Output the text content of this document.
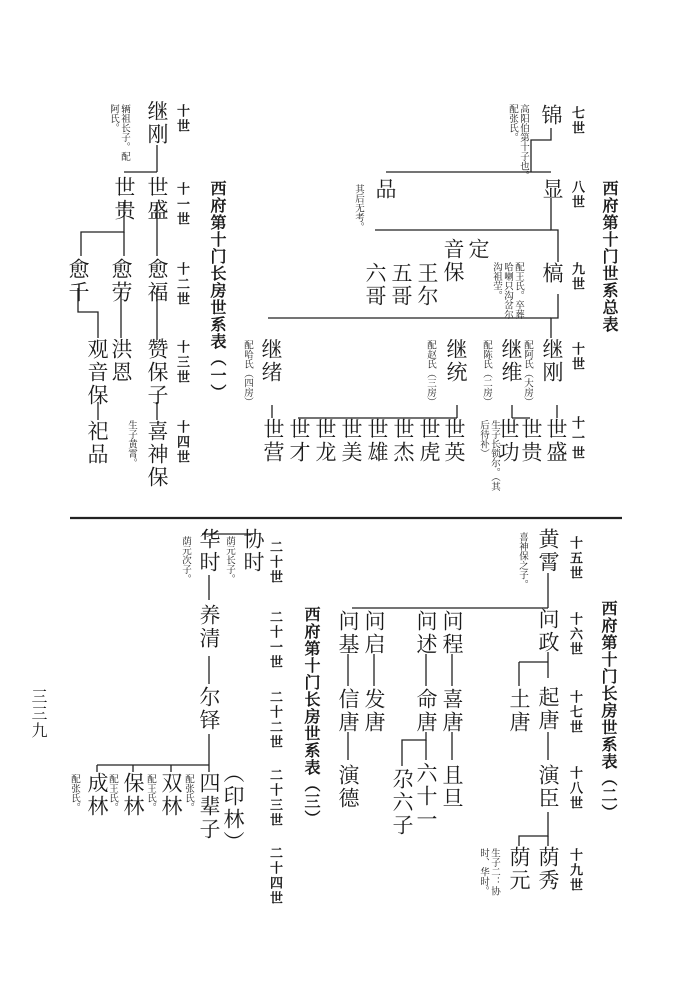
西府第十门世系总表
七世
八世
九世
十世
十一世
锦
高阳伯第十子也。配张氏。
显
品
其后无考。
槁
配王氏。卒葬哈喇只沟岔尔沟祖茔。
定
音保
王尔
五哥
六哥
继刚
配阿氏（大房）
继维
配陈氏（二房）
继统
配赵氏（三房）
继绪
配哈氏（四房）
世盛
世贵
世功
生子长锁尔。（其后待补）
世英
世虎
世杰
世雄
世美
世龙
世才
世营
西府第十门长房世系表（一）
十世
十一世
十二世
十三世
十四世
继刚
辆祖长子。配阿氏。
世盛
世贵
愈福
愈劳
愈千
赞保子
洪恩
观音保
喜神保
生子黄霄。
祀品
西府第十门长房世系表（二）
十五世
十六世
十七世
十八世
十九世
黄霄
喜神保之子。
问政
问程
问述
问启
问基
起唐
土唐
喜唐
命唐
发唐
信唐
演臣
且旦
六十一
尕六子
演德
荫秀
荫元
生子二：协时、华时。
西府第十门长房世系表（三）
二十世
二十一世
二十二世
二十三世
二十四世
协时
荫元长子。
华时
荫元次子。
养清
尔铎
（印林）
四辈子
配张氏。
双林
配王氏。
保林
配王氏。
成林
配张氏。
三三九
